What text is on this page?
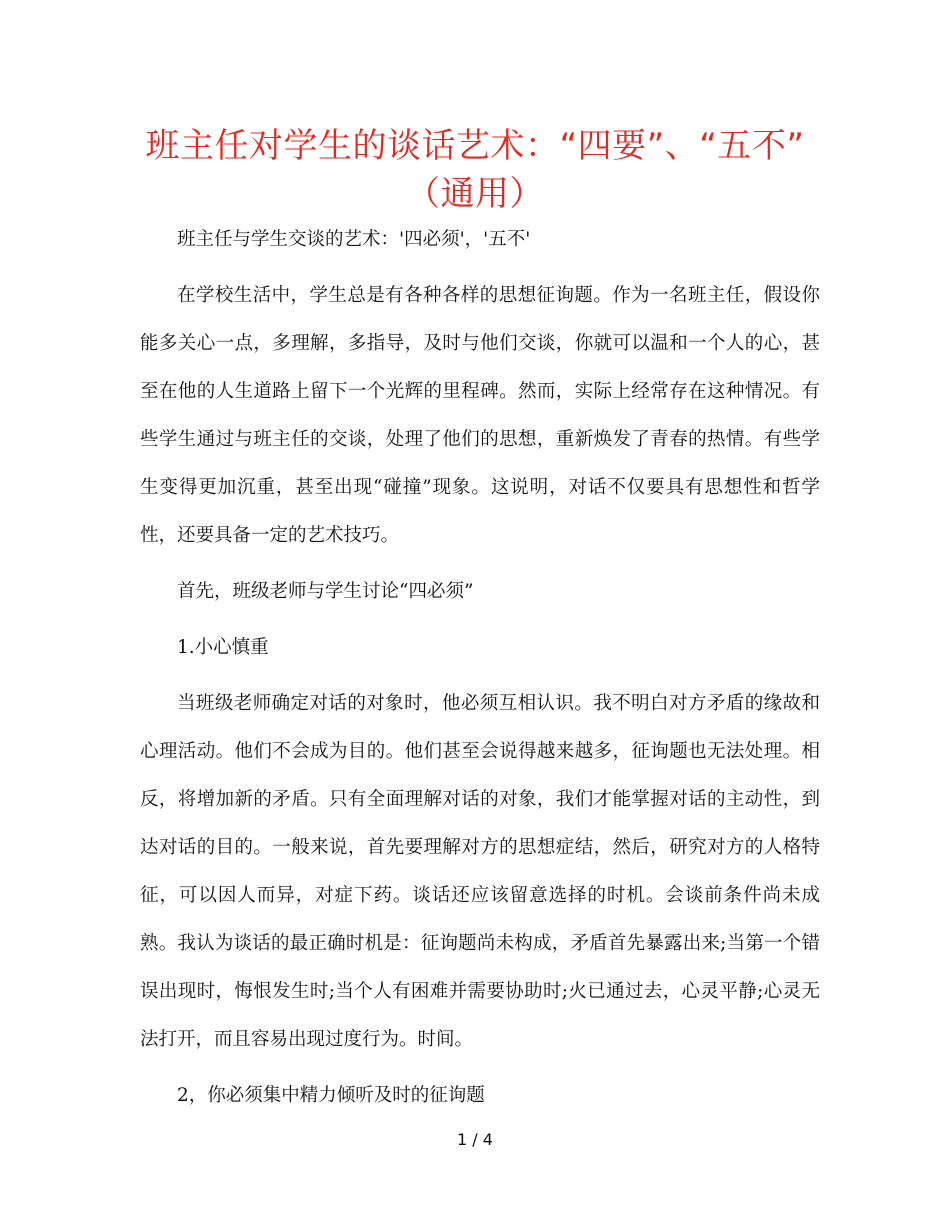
班主任对学生的谈话艺术：“四要”、“五不”
（通用）

班主任与学生交谈的艺术：'四必须'，'五不'

在学校生活中，学生总是有各种各样的思想征询题。作为一名班主任，假设你能多关心一点，多理解，多指导，及时与他们交谈，你就可以温和一个人的心，甚至在他的人生道路上留下一个光辉的里程碑。然而，实际上经常存在这种情况。有些学生通过与班主任的交谈，处理了他们的思想，重新焕发了青春的热情。有些学生变得更加沉重，甚至出现“碰撞”现象。这说明，对话不仅要具有思想性和哲学性，还要具备一定的艺术技巧。

首先，班级老师与学生讨论“四必须”

1.小心慎重

当班级老师确定对话的对象时，他必须互相认识。我不明白对方矛盾的缘故和心理活动。他们不会成为目的。他们甚至会说得越来越多，征询题也无法处理。相反，将增加新的矛盾。只有全面理解对话的对象，我们才能掌握对话的主动性，到达对话的目的。一般来说，首先要理解对方的思想症结，然后，研究对方的人格特征，可以因人而异，对症下药。谈话还应该留意选择的时机。会谈前条件尚未成熟。我认为谈话的最正确时机是：征询题尚未构成，矛盾首先暴露出来;当第一个错误出现时，悔恨发生时;当个人有困难并需要协助时;火已通过去，心灵平静;心灵无法打开，而且容易出现过度行为。时间。

2，你必须集中精力倾听及时的征询题

1 / 4
